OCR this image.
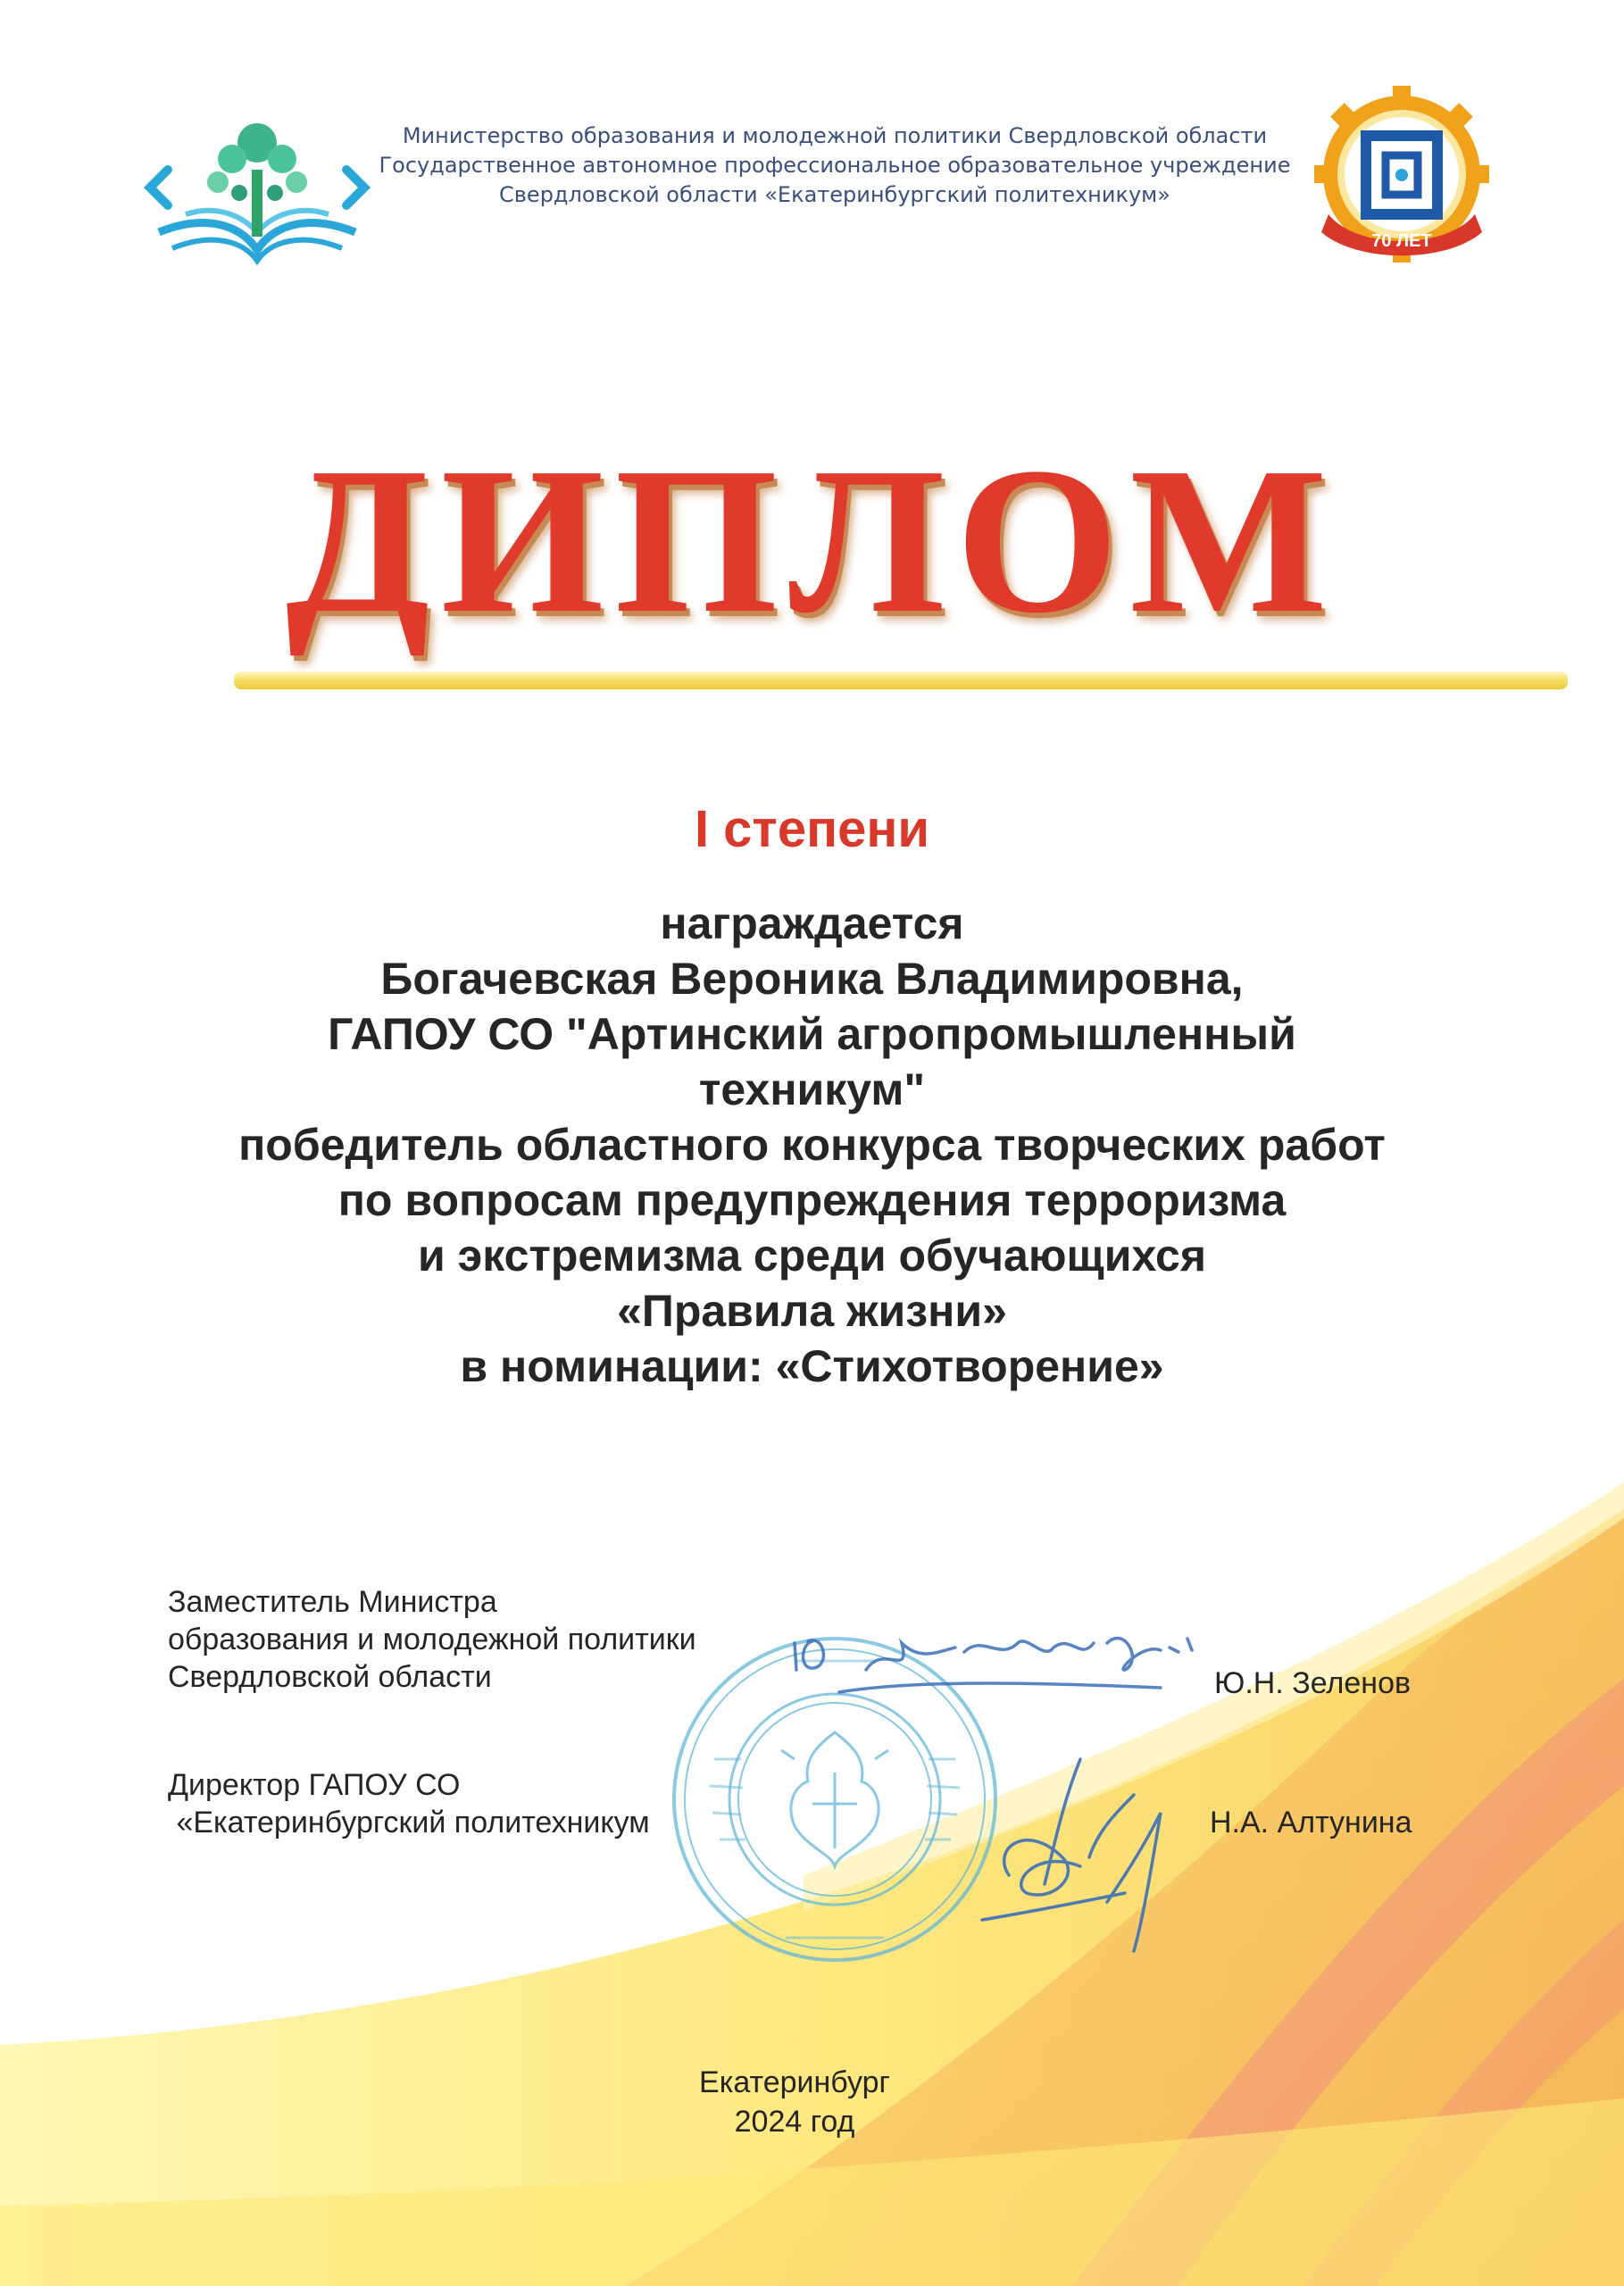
Министерство образования и молодежной политики Свердловской области
Государственное автономное профессиональное образовательное учреждение
Свердловской области «Екатеринбургский политехникум»
70 ЛЕТ
ДИПЛОМ
I степени
награждается
Богачевская Вероника Владимировна,
ГАПОУ СО "Артинский агропромышленный
техникум"
победитель областного конкурса творческих работ
по вопросам предупреждения терроризма
и экстремизма среди обучающихся
«Правила жизни»
в номинации: «Стихотворение»
Заместитель Министра
образования и молодежной политики
Свердловской области	Ю.Н. Зеленов
Директор ГАПОУ СО
«Екатеринбургский политехникум	Н.А. Алтунина
Екатеринбург
2024 год
